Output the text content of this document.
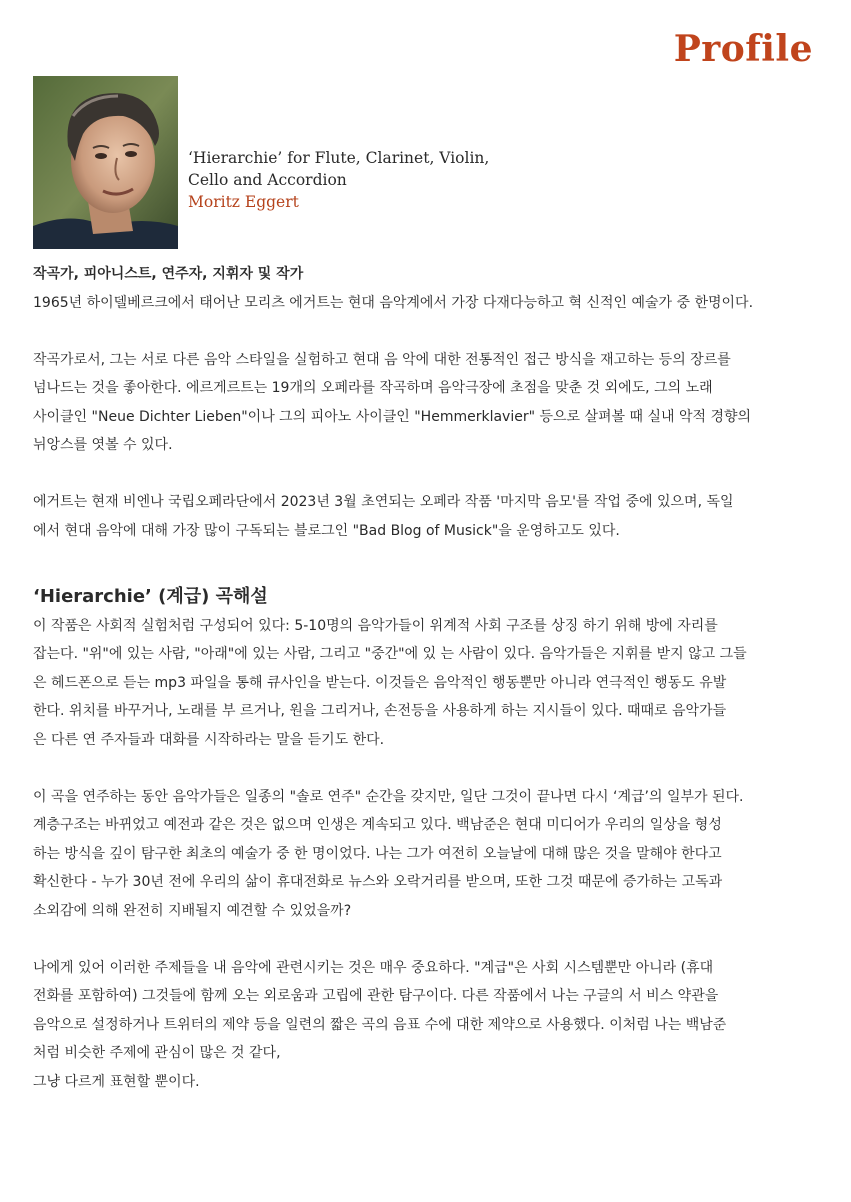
Profile
‘Hierarchie’ for Flute, Clarinet, Violin,
Cello and Accordion
Moritz Eggert

작곡가, 피아니스트, 연주자, 지휘자 및 작가

1965년 하이델베르크에서 태어난 모리츠 에거트는 현대 음악계에서 가장 다재다능하고 혁 신적인 예술가 중 한명이다.

작곡가로서, 그는 서로 다른 음악 스타일을 실험하고 현대 음 악에 대한 전통적인 접근 방식을 재고하는 등의 장르를
넘나드는 것을 좋아한다. 에르게르트는 19개의 오페라를 작곡하며 음악극장에 초점을 맞춘 것 외에도, 그의 노래
사이클인 "Neue Dichter Lieben"이나 그의 피아노 사이클인 "Hemmerklavier" 등으로 살펴볼 때 실내 악적 경향의
뉘앙스를 엿볼 수 있다.

에거트는 현재 비엔나 국립오페라단에서 2023년 3월 초연되는 오페라 작품 '마지막 음모'를 작업 중에 있으며, 독일
에서 현대 음악에 대해 가장 많이 구독되는 블로그인 "Bad Blog of Musick"을 운영하고도 있다.

‘Hierarchie’ (계급) 곡해설

이 작품은 사회적 실험처럼 구성되어 있다: 5-10명의 음악가들이 위계적 사회 구조를 상징 하기 위해 방에 자리를
잡는다. "위"에 있는 사람, "아래"에 있는 사람, 그리고 "중간"에 있 는 사람이 있다. 음악가들은 지휘를 받지 않고 그들
은 헤드폰으로 듣는 mp3 파일을 통해 큐사인을 받는다. 이것들은 음악적인 행동뿐만 아니라 연극적인 행동도 유발
한다. 위치를 바꾸거나, 노래를 부 르거나, 원을 그리거나, 손전등을 사용하게 하는 지시들이 있다. 때때로 음악가들
은 다른 연 주자들과 대화를 시작하라는 말을 듣기도 한다.

이 곡을 연주하는 동안 음악가들은 일종의 "솔로 연주" 순간을 갖지만, 일단 그것이 끝나면 다시 ‘계급’의 일부가 된다.
계층구조는 바뀌었고 예전과 같은 것은 없으며 인생은 계속되고 있다. 백남준은 현대 미디어가 우리의 일상을 형성
하는 방식을 깊이 탐구한 최초의 예술가 중 한 명이었다. 나는 그가 여전히 오늘날에 대해 많은 것을 말해야 한다고
확신한다 - 누가 30년 전에 우리의 삶이 휴대전화로 뉴스와 오락거리를 받으며, 또한 그것 때문에 증가하는 고독과
소외감에 의해 완전히 지배될지 예견할 수 있었을까?

나에게 있어 이러한 주제들을 내 음악에 관련시키는 것은 매우 중요하다. "계급"은 사회 시스템뿐만 아니라 (휴대
전화를 포함하여) 그것들에 함께 오는 외로움과 고립에 관한 탐구이다. 다른 작품에서 나는 구글의 서 비스 약관을
음악으로 설정하거나 트위터의 제약 등을 일련의 짧은 곡의 음표 수에 대한 제약으로 사용했다. 이처럼 나는 백남준
처럼 비슷한 주제에 관심이 많은 것 같다,
그냥 다르게 표현할 뿐이다.
